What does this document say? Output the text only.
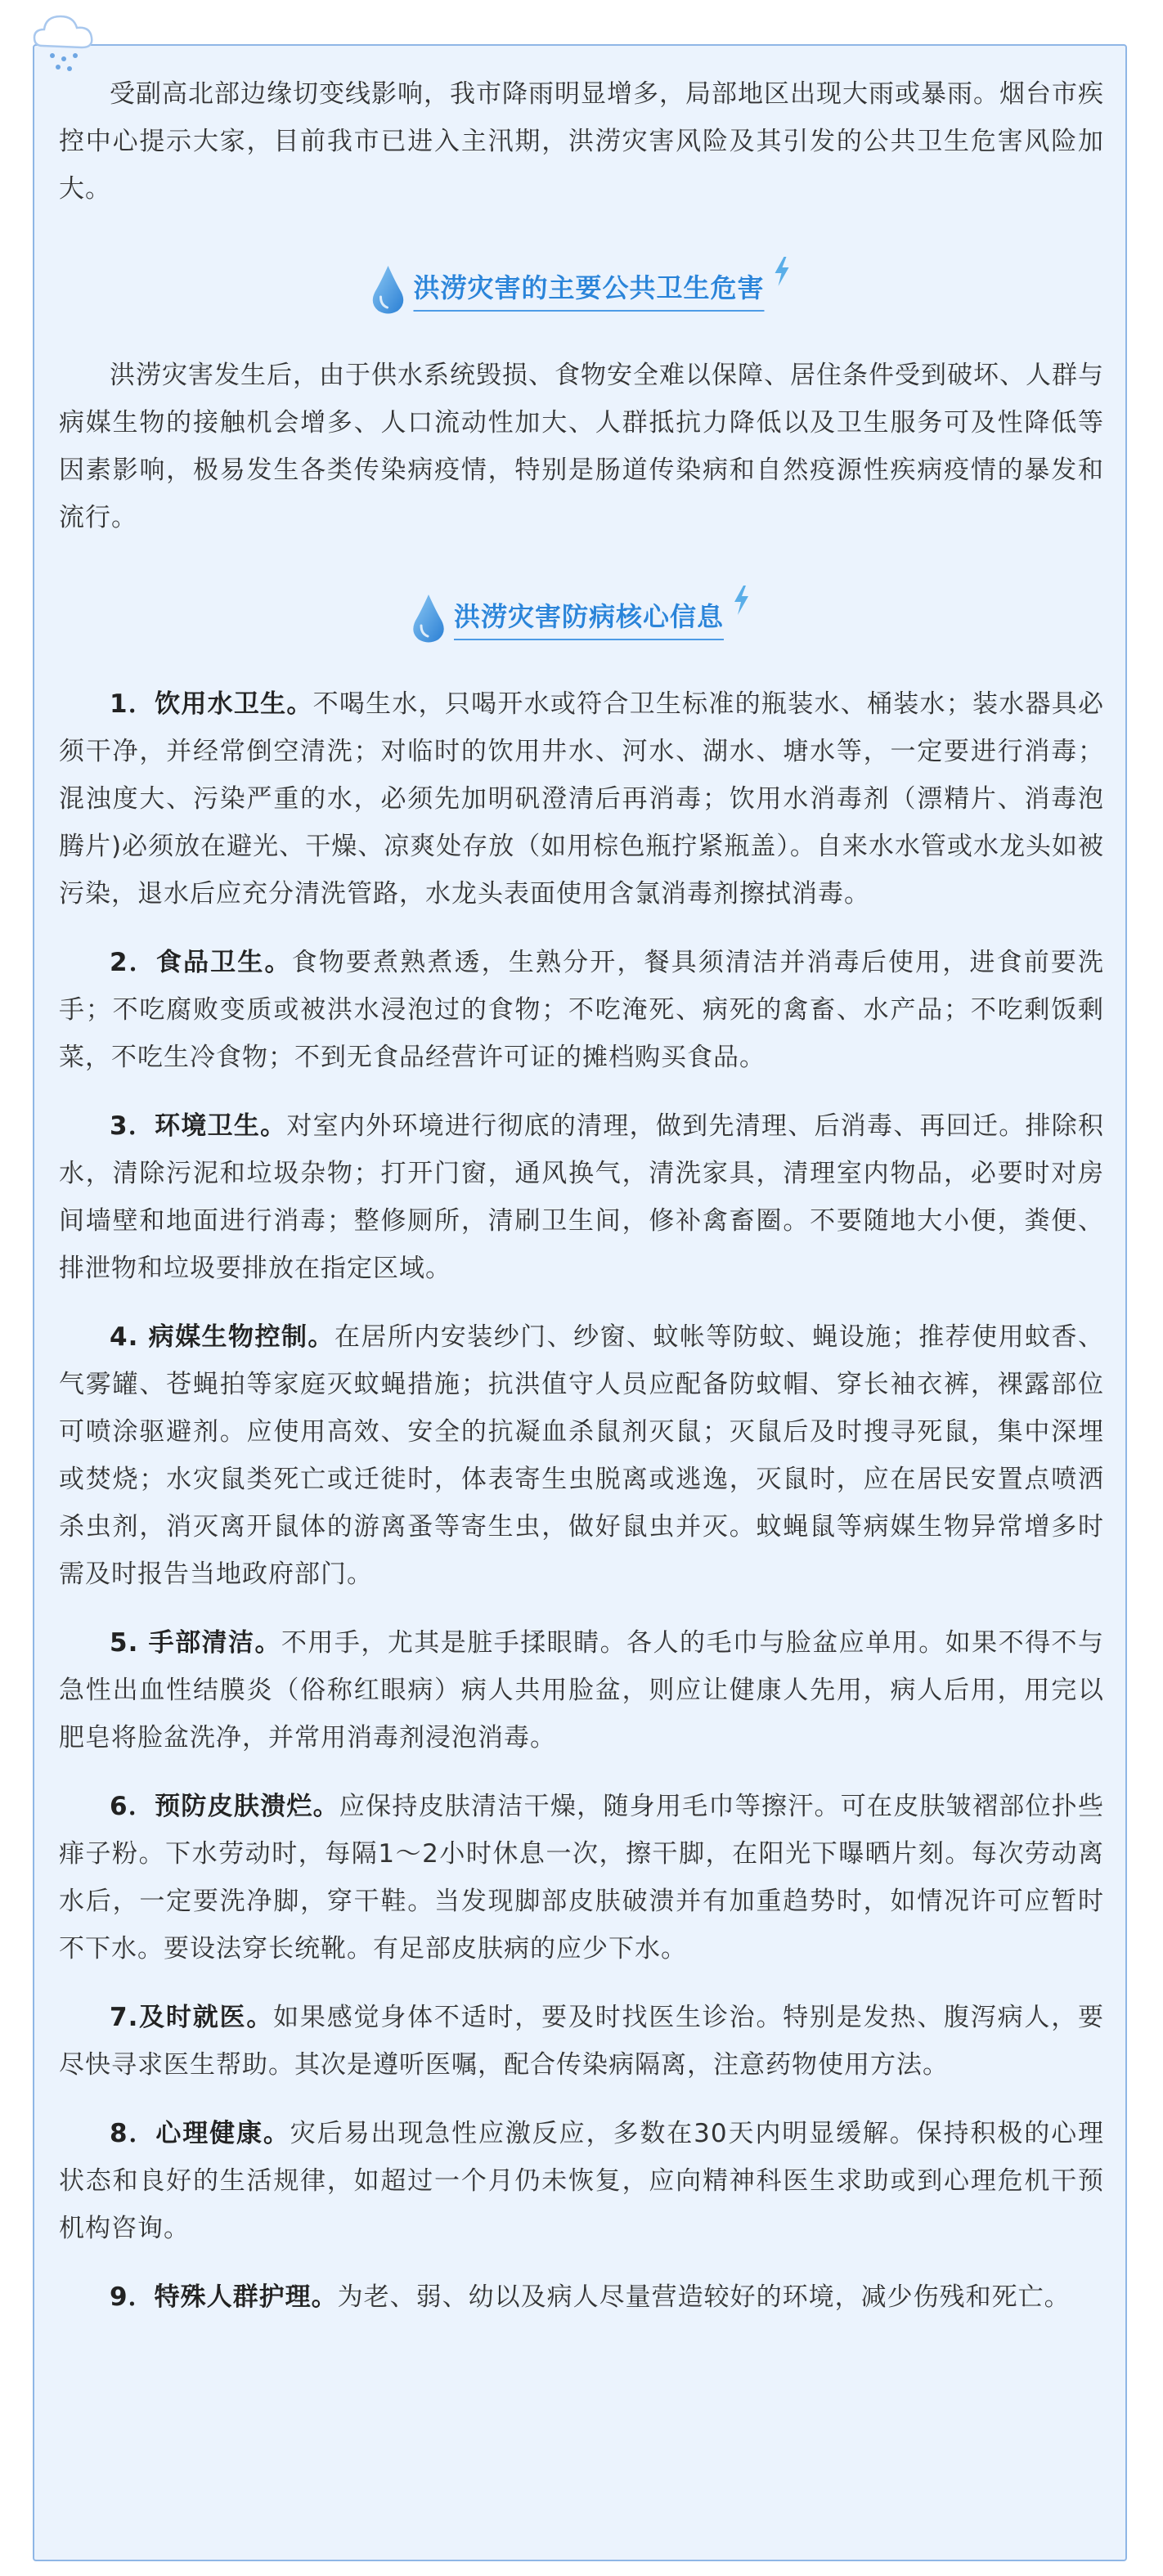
受副高北部边缘切变线影响，我市降雨明显增多，局部地区出现大雨或暴雨。烟台市疾控中心提示大家，目前我市已进入主汛期，洪涝灾害风险及其引发的公共卫生危害风险加大。

洪涝灾害的主要公共卫生危害

洪涝灾害发生后，由于供水系统毁损、食物安全难以保障、居住条件受到破坏、人群与病媒生物的接触机会增多、人口流动性加大、人群抵抗力降低以及卫生服务可及性降低等因素影响，极易发生各类传染病疫情，特别是肠道传染病和自然疫源性疾病疫情的暴发和流行。

洪涝灾害防病核心信息

1．饮用水卫生。不喝生水，只喝开水或符合卫生标准的瓶装水、桶装水；装水器具必须干净，并经常倒空清洗；对临时的饮用井水、河水、湖水、塘水等，一定要进行消毒；混浊度大、污染严重的水，必须先加明矾澄清后再消毒；饮用水消毒剂（漂精片、消毒泡腾片)必须放在避光、干燥、凉爽处存放（如用棕色瓶拧紧瓶盖）。自来水水管或水龙头如被污染，退水后应充分清洗管路，水龙头表面使用含氯消毒剂擦拭消毒。

2．食品卫生。食物要煮熟煮透，生熟分开，餐具须清洁并消毒后使用，进食前要洗手；不吃腐败变质或被洪水浸泡过的食物；不吃淹死、病死的禽畜、水产品；不吃剩饭剩菜，不吃生冷食物；不到无食品经营许可证的摊档购买食品。

3．环境卫生。对室内外环境进行彻底的清理，做到先清理、后消毒、再回迁。排除积水，清除污泥和垃圾杂物；打开门窗，通风换气，清洗家具，清理室内物品，必要时对房间墙壁和地面进行消毒；整修厕所，清刷卫生间，修补禽畜圈。不要随地大小便，粪便、排泄物和垃圾要排放在指定区域。

4. 病媒生物控制。在居所内安装纱门、纱窗、蚊帐等防蚊、蝇设施；推荐使用蚊香、气雾罐、苍蝇拍等家庭灭蚊蝇措施；抗洪值守人员应配备防蚊帽、穿长袖衣裤，裸露部位可喷涂驱避剂。应使用高效、安全的抗凝血杀鼠剂灭鼠；灭鼠后及时搜寻死鼠，集中深埋或焚烧；水灾鼠类死亡或迁徙时，体表寄生虫脱离或逃逸，灭鼠时，应在居民安置点喷洒杀虫剂，消灭离开鼠体的游离蚤等寄生虫，做好鼠虫并灭。蚊蝇鼠等病媒生物异常增多时需及时报告当地政府部门。

5. 手部清洁。不用手，尤其是脏手揉眼睛。各人的毛巾与脸盆应单用。如果不得不与急性出血性结膜炎（俗称红眼病）病人共用脸盆，则应让健康人先用，病人后用，用完以肥皂将脸盆洗净，并常用消毒剂浸泡消毒。

6．预防皮肤溃烂。应保持皮肤清洁干燥，随身用毛巾等擦汗。可在皮肤皱褶部位扑些痱子粉。下水劳动时，每隔1～2小时休息一次，擦干脚，在阳光下曝晒片刻。每次劳动离水后，一定要洗净脚，穿干鞋。当发现脚部皮肤破溃并有加重趋势时，如情况许可应暂时不下水。要设法穿长统靴。有足部皮肤病的应少下水。

7.及时就医。如果感觉身体不适时，要及时找医生诊治。特别是发热、腹泻病人，要尽快寻求医生帮助。其次是遵听医嘱，配合传染病隔离，注意药物使用方法。

8．心理健康。灾后易出现急性应激反应，多数在30天内明显缓解。保持积极的心理状态和良好的生活规律，如超过一个月仍未恢复，应向精神科医生求助或到心理危机干预机构咨询。

9．特殊人群护理。为老、弱、幼以及病人尽量营造较好的环境，减少伤残和死亡。
